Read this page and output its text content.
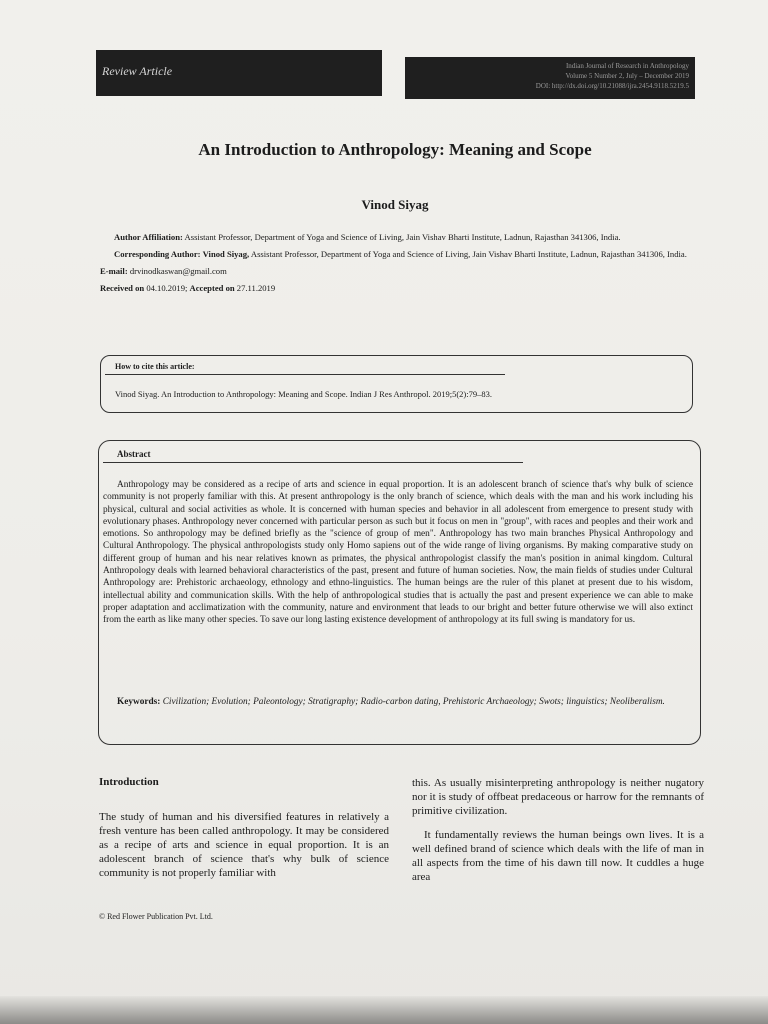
Review Article	Indian Journal of Research in Anthropology
Volume 5 Number 2, July – December 2019
DOI: http://dx.doi.org/10.21088/ijra.2454.9118.5219.5
An Introduction to Anthropology: Meaning and Scope
Vinod Siyag

Author Affiliation: Assistant Professor, Department of Yoga and Science of Living, Jain Vishav Bharti Institute, Ladnun, Rajasthan 341306, India.

Corresponding Author: Vinod Siyag, Assistant Professor, Department of Yoga and Science of Living, Jain Vishav Bharti Institute, Ladnun, Rajasthan 341306, India.

E-mail: drvinodkaswan@gmail.com

Received on 04.10.2019; Accepted on 27.11.2019

How to cite this article:
Vinod Siyag. An Introduction to Anthropology: Meaning and Scope. Indian J Res Anthropol. 2019;5(2):79–83.
Abstract

Anthropology may be considered as a recipe of arts and science in equal proportion. It is an adolescent branch of science that's why bulk of science community is not properly familiar with this. At present anthropology is the only branch of science, which deals with the man and his work including his physical, cultural and social activities as whole. It is concerned with human species and behavior in all adolescent from emergence to present study with evolutionary phases. Anthropology never concerned with particular person as such but it focus on men in "group", with races and peoples and their work and emotions. So anthropology may be defined briefly as the "science of group of men". Anthropology has two main branches Physical Anthropology and Cultural Anthropology. The physical anthropologists study only Homo sapiens out of the wide range of living organisms. By making comparative study on different group of human and his near relatives known as primates, the physical anthropologist classify the man's position in animal kingdom. Cultural Anthropology deals with learned behavioral characteristics of the past, present and future of human societies. Now, the main fields of studies under Cultural Anthropology are: Prehistoric archaeology, ethnology and ethno-linguistics. The human beings are the ruler of this planet at present due to his wisdom, intellectual ability and communication skills. With the help of anthropological studies that is actually the past and present experience we can able to make proper adaptation and acclimatization with the community, nature and environment that leads to our bright and better future otherwise we will also extinct from the earth as like many other species. To save our long lasting existence development of anthropology at its full swing is mandatory for us.

Keywords: Civilization; Evolution; Paleontology; Stratigraphy; Radio-carbon dating, Prehistoric Archaeology; Swots; linguistics; Neoliberalism.

Introduction

The study of human and his diversified features in relatively a fresh venture has been called anthropology. It may be considered as a recipe of arts and science in equal proportion. It is an adolescent branch of science that's why bulk of science community is not properly familiar with

this. As usually misinterpreting anthropology is neither nugatory nor it is study of offbeat predaceous or harrow for the remnants of primitive civilization.

It fundamentally reviews the human beings own lives. It is a well defined brand of science which deals with the life of man in all aspects from the time of his dawn till now. It cuddles a huge area

© Red Flower Publication Pvt. Ltd.
